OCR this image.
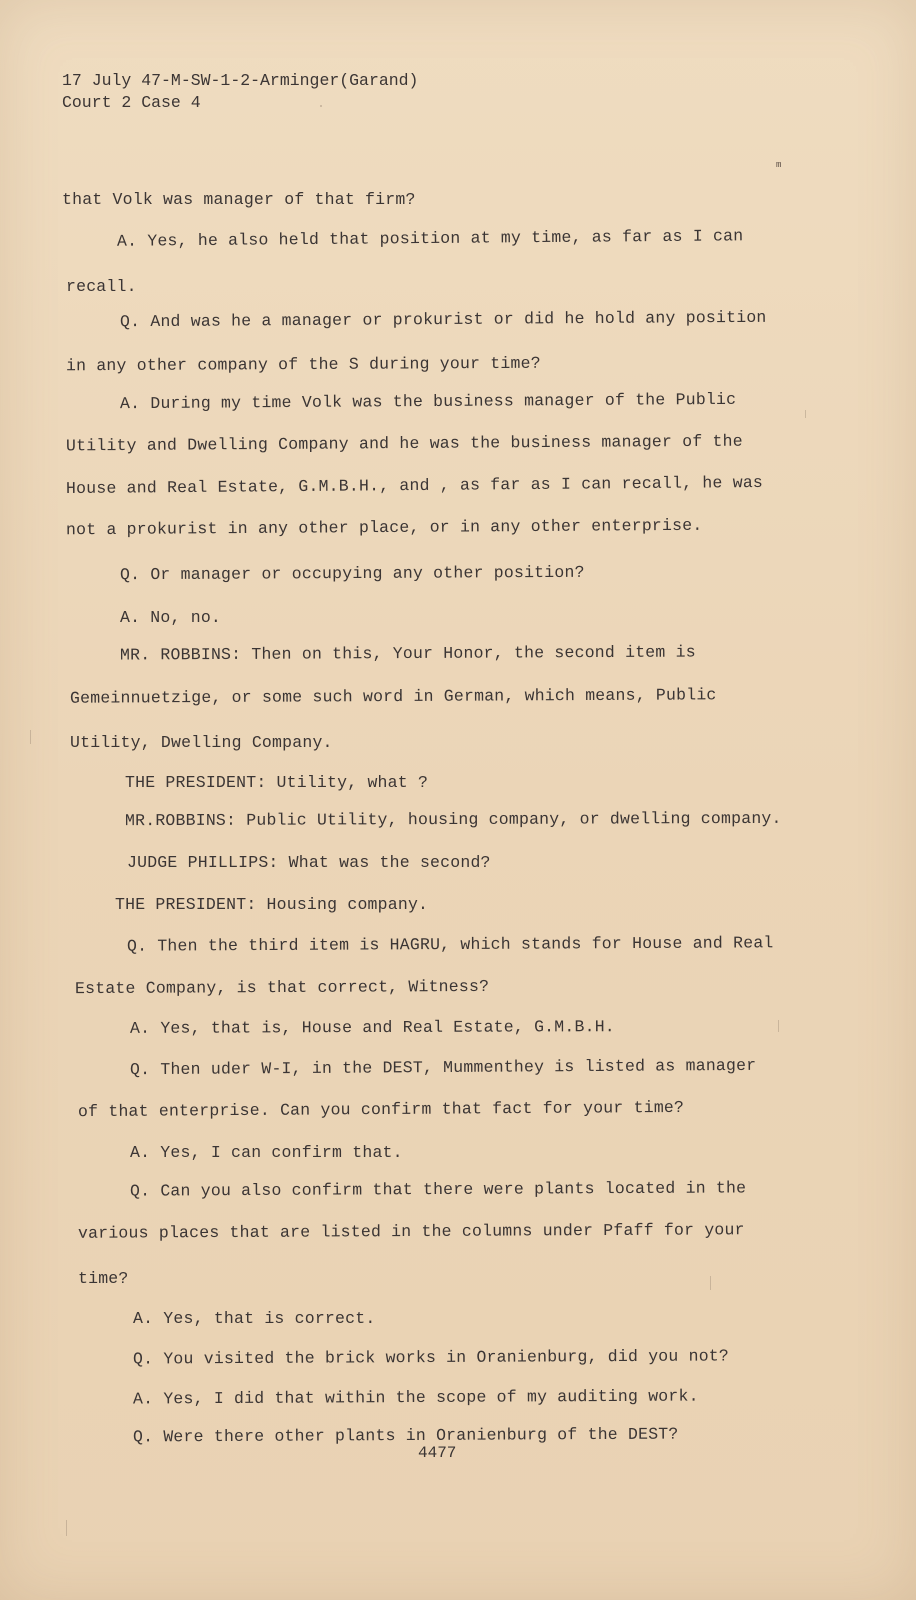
17 July 47-M-SW-1-2-Arminger(Garand)
Court 2 Case 4
m
that Volk was manager of that firm?
A. Yes, he also held that position at my time, as far as I can
recall.
Q. And was he a manager or prokurist or did he hold any position
in any other company of the S during your time?
A. During my time Volk was the business manager of the Public
Utility and Dwelling Company and he was the business manager of the
House and Real Estate, G.M.B.H., and , as far as I can recall, he was
not a prokurist in any other place, or in any other enterprise.
Q. Or manager or occupying any other position?
A. No, no.
MR. ROBBINS: Then on this, Your Honor, the second item is
Gemeinnuetzige, or some such word in German, which means, Public
Utility, Dwelling Company.
THE PRESIDENT: Utility, what ?
MR.ROBBINS: Public Utility, housing company, or dwelling company.
JUDGE PHILLIPS: What was the second?
THE PRESIDENT: Housing company.
Q. Then the third item is HAGRU, which stands for House and Real
Estate Company, is that correct, Witness?
A. Yes, that is, House and Real Estate, G.M.B.H.
Q. Then uder W-I, in the DEST, Mummenthey is listed as manager
of that enterprise. Can you confirm that fact for your time?
A. Yes, I can confirm that.
Q. Can you also confirm that there were plants located in the
various places that are listed in the columns under Pfaff for your
time?
A. Yes, that is correct.
Q. You visited the brick works in Oranienburg, did you not?
A. Yes, I did that within the scope of my auditing work.
Q. Were there other plants in Oranienburg of the DEST?
4477
